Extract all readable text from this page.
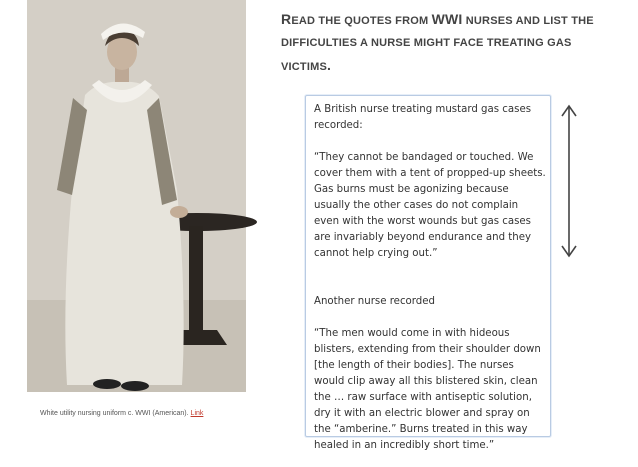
White utility nursing uniform c. WWI (American). Link
READ THE QUOTES FROM WWI NURSES AND LIST THE DIFFICULTIES A NURSE MIGHT FACE TREATING GAS VICTIMS.

A British nurse treating mustard gas cases recorded:

“They cannot be bandaged or touched. We cover them with a tent of propped-up sheets. Gas burns must be agonizing because usually the other cases do not complain even with the worst wounds but gas cases are invariably beyond endurance and they cannot help crying out.”

Another nurse recorded

“The men would come in with hideous blisters, extending from their shoulder down [the length of their bodies]. The nurses would clip away all this blistered skin, clean the … raw surface with antiseptic solution, dry it with an electric blower and spray on the “amberine.” Burns treated in this way healed in an incredibly short time.”
